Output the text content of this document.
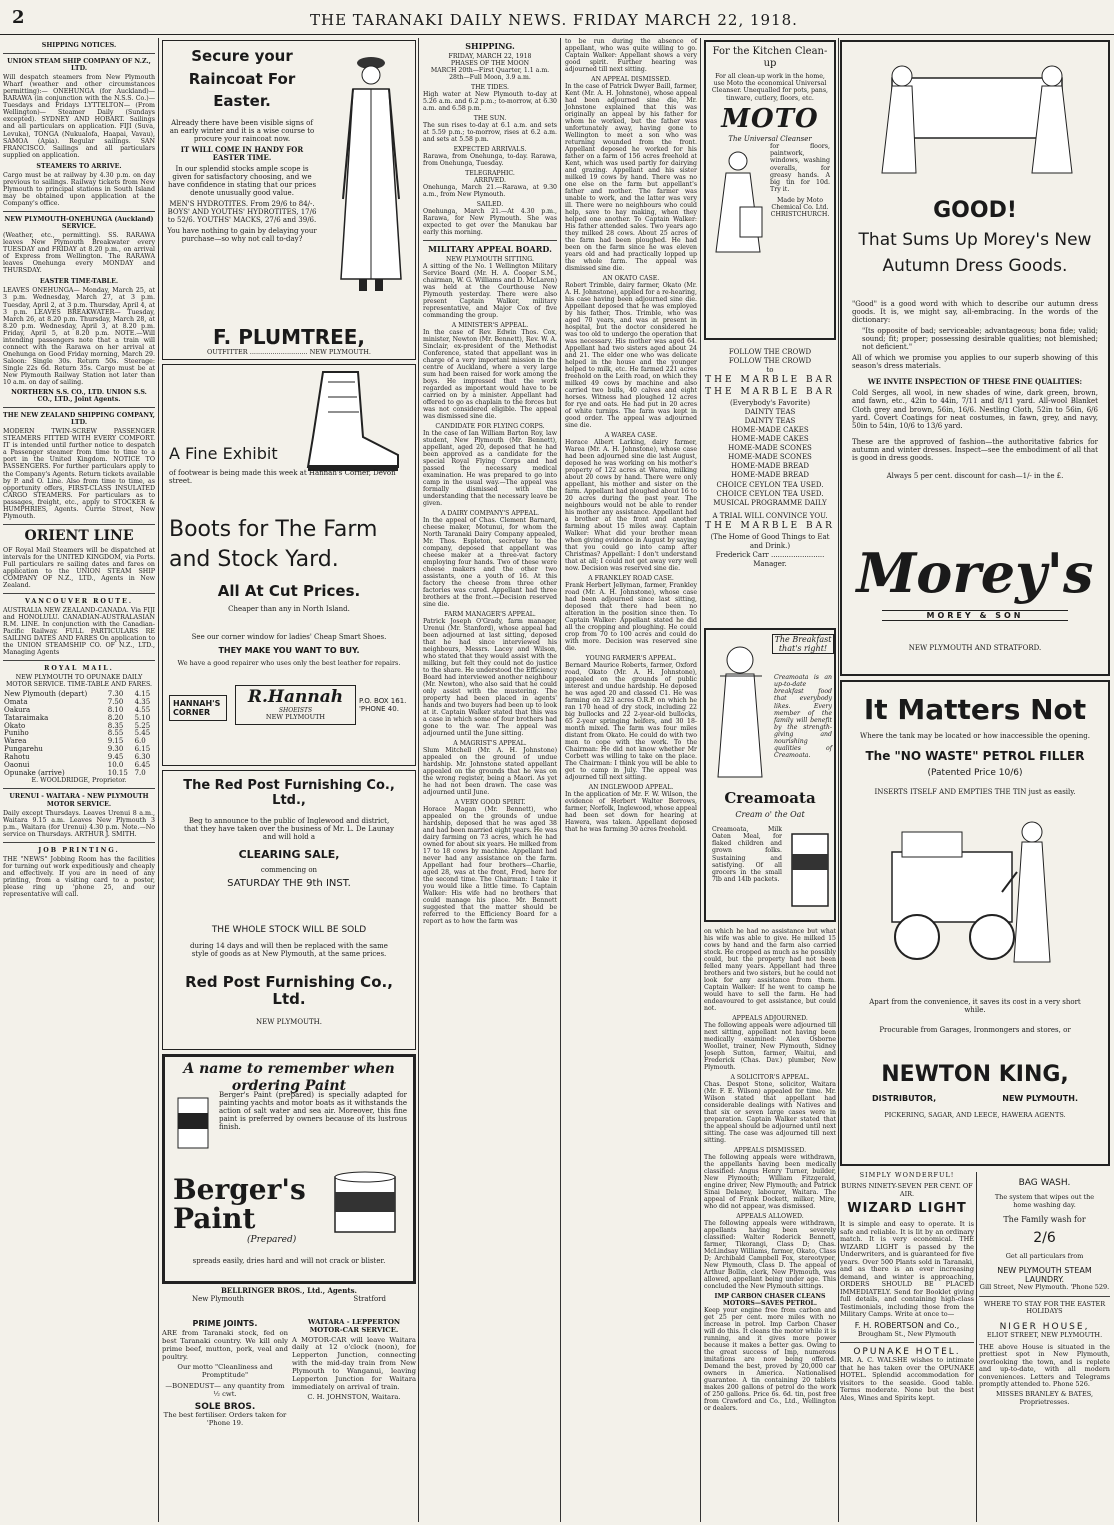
2	THE TARANAKI DAILY NEWS. FRIDAY MARCH 22, 1918.
SHIPPING NOTICES.
UNION STEAM SHIP COMPANY OF N.Z., LTD.

Will despatch steamers from New Plymouth Wharf (weather and other circumstances permitting):— ONEHUNGA (for Auckland)— RARAWA (in conjunction with the N.S.S. Co.)—Tuesdays and Fridays LYTTELTON— (From Wellington)— Steamer Daily (Sundays excepted). SYDNEY AND HOBART. Sailings and all particulars on application. FIJI (Suva, Levuka), TONGA (Nukualofa, Haapai, Vavau), SAMOA (Apia). Regular sailings. SAN FRANCISCO. Sailings and all particulars supplied on application.

STEAMERS TO ARRIVE.

Cargo must be at railway by 4.30 p.m. on day previous to sailings. Railway tickets from New Plymouth to principal stations in South Island may be obtained upon application at the Company's office.

NEW PLYMOUTH-ONEHUNGA (Auckland) SERVICE.

(Weather, etc., permitting). SS. RARAWA leaves New Plymouth Breakwater every TUESDAY and FRIDAY at 8.20 p.m., on arrival of Express from Wellington. The RARAWA leaves Onehunga every MONDAY and THURSDAY.

EASTER TIME-TABLE.

LEAVES ONEHUNGA— Monday, March 25, at 3 p.m. Wednesday, March 27, at 3 p.m. Tuesday, April 2, at 3 p.m. Thursday, April 4, at 3 p.m. LEAVES BREAKWATER— Tuesday, March 26, at 8.20 p.m. Thursday, March 28, at 8.20 p.m. Wednesday, April 3, at 8.20 p.m. Friday, April 5, at 8.20 p.m. NOTE.—Will intending passengers note that a train will connect with the Rarawa on her arrival at Onehunga on Good Friday morning, March 29. Saloon: Single 30s. Return 50s. Steerage: Single 22s 6d. Return 35s. Cargo must be at New Plymouth Railway Station not later than 10 a.m. on day of sailing.

NORTHERN S.S. CO., LTD. UNION S.S. CO., LTD., Joint Agents.

THE NEW ZEALAND SHIPPING COMPANY, LTD.

MODERN TWIN-SCREW PASSENGER STEAMERS FITTED WITH EVERY COMFORT. IT is intended until further notice to despatch a Passenger steamer from time to time to a port in the United Kingdom. NOTICE TO PASSENGERS. For further particulars apply to the Company's Agents. Return tickets available by P. and O. Line. Also from time to time, as opportunity offers, FIRST-CLASS INSULATED CARGO STEAMERS. For particulars as to passages, freight, etc., apply to STOCKER & HUMPHRIES, Agents. Currie Street, New Plymouth.

ORIENT LINE

OF Royal Mail Steamers will be dispatched at intervals for the UNITED KINGDOM, via Ports. Full particulars re sailing dates and fares on application to the UNION STEAM SHIP COMPANY OF N.Z., LTD., Agents in New Zealand.

VANCOUVER ROUTE.

AUSTRALIA NEW ZEALAND-CANADA. Via FIJI and HONOLULU. CANADIAN-AUSTRALASIAN R.M. LINE. In conjunction with the Canadian-Pacific Railway. FULL PARTICULARS RE SAILING DATES AND FARES On application to the UNION STEAMSHIP CO. OF N.Z., LTD., Managing Agents

ROYAL MAIL.

NEW PLYMOUTH TO OPUNAKE DAILY MOTOR SERVICE. TIME-TABLE AND FARES.

New Plymouth (depart)	7.30	4.15
Omata	7.50	4.35
Oakura	8.10	4.55
Tataraimaka	8.20	5.10
Okato	8.35	5.25
Puniho	8.55	5.45
Warea	9.15	6.0
Pungarehu	9.30	6.15
Rahotu	9.45	6.30
Oaonui	10.0	6.45
Opunake (arrive)	10.15	7.0

E. WOOLDRIDGE, Proprietor.

URENUI - WAITARA - NEW PLYMOUTH MOTOR SERVICE.

Daily except Thursdays. Leaves Urenui 8 a.m., Waitara 9.15 a.m. Leaves New Plymouth 3 p.m., Waitara (for Urenui) 4.30 p.m. Note.—No service on Thursdays. ARTHUR J. SMITH.

JOB PRINTING.

THE "NEWS" Jobbing Room has the facilities for turning out work expeditiously and cheaply and effectively. If you are in need of any printing, from a visiting card to a poster, please ring up 'phone 25, and our representative will call.

Secure your Raincoat For Easter.

Already there have been visible signs of an early winter and it is a wise course to procure your raincoat now.

IT WILL COME IN HANDY FOR EASTER TIME.

In our splendid stocks ample scope is given for satisfactory choosing, and we have confidence in stating that our prices denote unusually good value.

MEN'S HYDROTITES. From 29/6 to 84/-. BOYS' AND YOUTHS' HYDROTITES, 17/6 to 52/6. YOUTHS' MACKS, 27/6 and 39/6.

You have nothing to gain by delaying your purchase—so why not call to-day?

F. PLUMTREE,
OUTFITTER ............................ NEW PLYMOUTH.
A Fine Exhibit
of footwear is being made this week at Hannah's Corner, Devon street.
Boots for The Farm and Stock Yard.
All At Cut Prices.
Cheaper than any in North Island.
See our corner window for ladies' Cheap Smart Shoes.
THEY MAKE YOU WANT TO BUY.
We have a good repairer who uses only the best leather for repairs.
HANNAH'S CORNER
R.Hannah
SHOEISTS
NEW PLYMOUTH
P.O. BOX 161. 'PHONE 40.
The Red Post Furnishing Co., Ltd.,

Beg to announce to the public of Inglewood and district, that they have taken over the business of Mr. L. De Launay and will hold a

CLEARING SALE,
commencing on
SATURDAY THE 9th INST.
THE WHOLE STOCK WILL BE SOLD

during 14 days and will then be replaced with the same style of goods as at New Plymouth, at the same prices.

Red Post Furnishing Co., Ltd.
NEW PLYMOUTH.
A name to remember when ordering Paint

Berger's Paint (prepared) is specially adapted for painting yachts and motor boats as it withstands the action of salt water and sea air. Moreover, this fine paint is preferred by owners because of its lustrous finish.

Berger's Paint
(Prepared)

spreads easily, dries hard and will not crack or blister.

BELLRINGER BROS., Ltd., Agents.
New Plymouth	Stratford
PRIME JOINTS.

ARE from Taranaki stock, fed on best Taranaki country. We kill only prime beef, mutton, pork, veal and poultry.

Our motto "Cleanliness and Promptitude"

—BONEDUST— any quantity from ½ cwt.

SOLE BROS.

The best fertiliser. Orders taken for 'Phone 19.

WAITARA - LEPPERTON MOTOR-CAR SERVICE.

A MOTOR-CAR will leave Waitara daily at 12 o'clock (noon), for Lepperton Junction, connecting with the mid-day train from New Plymouth to Wanganui, leaving Lepperton Junction for Waitara immediately on arrival of train.

C. H. JOHNSTON, Waitara.

SHIPPING.
FRIDAY, MARCH 22, 1918
PHASES OF THE MOON

MARCH 20th—First Quarter, 1.1 a.m. 28th—Full Moon, 3.9 a.m.

THE TIDES.

High water at New Plymouth to-day at 5.26 a.m. and 6.2 p.m.; to-morrow, at 6.30 a.m. and 6.58 p.m.

THE SUN.

The sun rises to-day at 6.1 a.m. and sets at 5.59 p.m.; to-morrow, rises at 6.2 a.m. and sets at 5.58 p.m.

EXPECTED ARRIVALS.

Rarawa, from Onehunga, to-day. Rarawa, from Onehunga, Tuesday.

TELEGRAPHIC.
ARRIVED.

Onehunga, March 21.—Rarawa, at 9.30 a.m., from New Plymouth.

SAILED.

Onehunga, March 21.—At 4.30 p.m., Rarawa, for New Plymouth. She was expected to get over the Manukau bar early this morning.

MILITARY APPEAL BOARD.
NEW PLYMOUTH SITTING.

A sitting of the No. 1 Wellington Military Service Board (Mr. H. A. Cooper S.M., chairman, W. G. Williams and D. McLaren) was held at the Courthouse New Plymouth yesterday. There were also present Captain Walker, military representative, and Major Cox of five commanding the group.

A MINISTER'S APPEAL.

In the case of Rev. Edwin Thos. Cox, minister, Newton (Mr. Bennett), Rev. W. A. Sinclair, ex-president of the Methodist Conference, stated that appellant was in charge of a very important mission in the centre of Auckland, where a very large sum had been raised for work among the boys. He impressed that the work regarded as important would have to be carried on by a minister. Appellant had offered to go as chaplain to the forces but was not considered eligible. The appeal was dismissed sine die.

CANDIDATE FOR FLYING CORPS.

In the case of Ian William Barton Roy, law student, New Plymouth (Mr. Bennett), appellant, aged 20, deposed that he had been approved as a candidate for the special Royal Flying Corps and had passed the necessary medical examination. He was prepared to go into camp in the usual way.—The appeal was formally dismissed with the understanding that the necessary leave be given.

A DAIRY COMPANY'S APPEAL.

In the appeal of Chas. Clement Barnard, cheese maker, Motunui, for whom the North Taranaki Dairy Company appealed, Mr. Thos. Espleton, secretary to the company, deposed that appellant was cheese maker at a three-vat factory employing four hands. Two of these were cheese makers and the other two assistants, one a youth of 16. At this factory the cheese from three other factories was cured. Appellant had three brothers at the front.—Decision reserved sine die.

FARM MANAGER'S APPEAL.

Patrick Joseph O'Grady, farm manager, Urenui (Mr. Stanford), whose appeal had been adjourned at last sitting, deposed that he had since interviewed his neighbours, Messrs. Lacey and Wilson, who stated that they would assist with the milking, but felt they could not do justice to the share. He understood the Efficiency Board had interviewed another neighbour (Mr. Newton), who also said that he could only assist with the mustering. The property had been placed in agents' hands and two buyers had been up to look at it. Captain Walker stated that this was a case in which some of four brothers had gone to the war. The appeal was adjourned until the June sitting.

A MAGRIST'S APPEAL.

Slum Mitchell (Mr. A. H. Johnstone) appealed on the ground of undue hardship. Mr. Johnstone stated appellant appealed on the grounds that he was on the wrong register, being a Maori. As yet he had not been drawn. The case was adjourned until June.

A VERY GOOD SPIRIT.

Horace Magan (Mr. Bennett), who appealed on the grounds of undue hardship, deposed that he was aged 38 and had been married eight years. He was dairy farming on 73 acres, which he had owned for about six years. He milked from 17 to 18 cows by machine. Appellant had never had any assistance on the farm. Appellant had four brothers—Charlie, aged 28, was at the front, Fred, here for the second time. The Chairman: I take it you would like a little time. To Captain Walker: His wife had no brothers that could manage his place. Mr. Bennett suggested that the matter should be referred to the Efficiency Board for a report as to how the farm was

to be run during the absence of appellant, who was quite willing to go. Captain Walker: Appellant shows a very good spirit. Further hearing was adjourned till next sitting.

AN APPEAL DISMISSED.

In the case of Patrick Dwyer Baill, farmer, Kent (Mr. A. H. Johnstone), whose appeal had been adjourned sine die, Mr. Johnstone explained that this was originally an appeal by his father for whom he worked, but the father was unfortunately away, having gone to Wellington to meet a son who was returning wounded from the front. Appellant deposed he worked for his father on a farm of 156 acres freehold at Kent, which was used partly for dairying and grazing. Appellant and his sister milked 19 cows by hand. There was no one else on the farm but appellant's father and mother. The farmer was unable to work, and the latter was very ill. There were no neighbours who could help, save to hay making, when they helped one another. To Captain Walker: His father attended sales. Two years ago they milked 28 cows. About 25 acres of the farm had been ploughed. He had been on the farm since he was eleven years old and had practically lopped up the whole farm. The appeal was dismissed sine die.

AN OKATO CASE.

Robert Trimble, dairy farmer, Okato (Mr. A. H. Johnstone), applied for a re-hearing, his case having been adjourned sine die. Appellant deposed that he was employed by his father, Thos. Trimble, who was aged 70 years, and was at present in hospital, but the doctor considered he was too old to undergo the operation that was necessary. His mother was aged 64. Appellant had two sisters aged about 24 and 21. The elder one who was delicate helped in the house and the younger helped to milk, etc. He farmed 221 acres freehold on the Leith road, on which they milked 49 cows by machine and also carried two bulls, 40 calves and eight horses. Witness had ploughed 12 acres for rye and oats. He had put in 20 acres of white turnips. The farm was kept in good order. The appeal was adjourned sine die.

A WAREA CASE.

Horace Albert Larking, dairy farmer, Warea (Mr. A. H. Johnstone), whose case had been adjourned sine die last August, deposed he was working on his mother's property of 122 acres at Warea, milking about 20 cows by hand. There were only appellant, his mother and sister on the farm. Appellant had ploughed about 16 to 20 acres during the past year. The neighbours would not be able to render his mother any assistance. Appellant had a brother at the front and another farming about 15 miles away. Captain Walker: What did your brother mean when giving evidence in August by saying that you could go into camp after Christmas? Appellant: I don't understand that at all; I could not get away very well now. Decision was reserved sine die.

A FRANKLEY ROAD CASE.

Frank Herbert Jellyman, farmer, Frankley road (Mr. A. H. Johnstone), whose case had been adjourned since last sitting, deposed that there had been no alteration in the position since then. To Captain Walker: Appellant stated he did all the cropping and ploughing. He could crop from 70 to 100 acres and could do with more. Decision was reserved sine die.

YOUNG FARMER'S APPEAL.

Bernard Maurice Roberts, farmer, Oxford road, Okato (Mr. A. H. Johnstone), appealed on the grounds of public interest and undue hardship. He deposed he was aged 20 and classed C1. He was farming on 323 acres O.R.P. on which he ran 170 head of dry stock, including 22 big bullocks and 22 2-year-old bullocks, 65 2-year springing heifers, and 30 18-month mixed. The farm was four miles distant from Okato. He could do with two men to cope with the work. To the Chairman: He did not know whether Mr Corbett was willing to take on the place. The Chairman: I think you will be able to get to camp in July. The appeal was adjourned till next sitting.

AN INGLEWOOD APPEAL.

In the application of Mr. F. W. Wilson, the evidence of Herbert Walter Borrows, farmer, Norfolk, Inglewood, whose appeal had been set down for hearing at Hawera, was taken. Appellant deposed that he was farming 30 acres freehold.

For the Kitchen Clean-up

For all clean-up work in the home, use Moto the economical Universal Cleanser. Unequalled for pots, pans, tinware, cutlery, floors, etc.

MOTO
The Universal Cleanser

for floors, paintwork, windows, washing overalls, for greasy hands. A big tin for 10d. Try it.

Made by Moto Chemical Co. Ltd. CHRISTCHURCH.

FOLLOW THE CROWD
FOLLOW THE CROWD
to
THE MARBLE BAR
THE MARBLE BAR
(Everybody's Favorite)
DAINTY TEAS
DAINTY TEAS
HOME-MADE CAKES
HOME-MADE CAKES
HOME-MADE SCONES
HOME-MADE SCONES
HOME-MADE BREAD
HOME-MADE BREAD
CHOICE CEYLON TEA USED.
CHOICE CEYLON TEA USED.
MUSICAL PROGRAMME DAILY
A TRIAL WILL CONVINCE YOU.
THE MARBLE BAR
(The Home of Good Things to Eat and Drink.)
Frederick Carr ........................ Manager.
The Breakfast that's right!

Creamoata is an up-to-date breakfast food that everybody likes. Every member of the family will benefit by the strength-giving and nourishing qualities of Creamoata.

Creamoata
Cream o' the Oat

Creamoata, Milk Oaten Meal, for flaked children and grown folks. Sustaining and satisfying. Of all grocers in the small 7lb and 14lb packets.

on which he had no assistance but what his wife was able to give. He milked 15 cows by hand and the farm also carried stock. He cropped as much as he possibly could, but the property had not been felled many years. Appellant had three brothers and two sisters, but he could not look for any assistance from them. Captain Walker: If he went to camp he would have to sell the farm. He had endeavoured to get assistance, but could not.

APPEALS ADJOURNED.

The following appeals were adjourned till next sitting, appellant not having been medically examined: Alex Osborne Woollet, trainer, New Plymouth, Sidney Joseph Sutton, farmer, Waitui, and Frederick (Chas. Dav.) plumber, New Plymouth.

A SOLICITOR'S APPEAL.

Chas. Despot Stone, solicitor, Waitara (Mr. F. E. Wilson) appealed for time. Mr. Wilson stated that appellant had considerable dealings with Natives and that six or seven large cases were in preparation. Captain Walker stated that the appeal should be adjourned until next sitting. The case was adjourned till next sitting.

APPEALS DISMISSED.

The following appeals were withdrawn, the appellants having been medically classified: Angus Henry Turner, builder, New Plymouth; William Fitzgerald, engine driver, New Plymouth; and Patrick Sinai Delaney, labourer, Waitara. The appeal of Frank Dockett, milker, Mire, who did not appear, was dismissed.

APPEALS ALLOWED.

The following appeals were withdrawn, appellants having been severely classified: Walter Roderick Bennett, farmer, Tikorangi, Class D; Chas. McLindsay Williams, farmer, Okato, Class D; Archibald Campbell Fox, stereotyper, New Plymouth, Class D. The appeal of Arthur Bollin, clerk, New Plymouth, was allowed, appellant being under age. This concluded the New Plymouth sittings.

IMP CARBON CHASER CLEANS MOTORS—SAVES PETROL.

Keep your engine free from carbon and get 25 per cent. more miles with no increase in petrol. Imp Carbon Chaser will do this. It cleans the motor while it is running, and it gives more power because it makes a better gas. Owing to the great success of Imp, numerous imitations are now being offered. Demand the best, proved by 20,000 car owners in America. Nationalised guarantee. A tin containing 20 tablets makes 200 gallons of petrol do the work of 250 gallons. Price 6s. 6d. tin, post free from Crawford and Co., Ltd., Wellington or dealers.

GOOD!
That Sums Up Morey's New Autumn Dress Goods.

"Good" is a good word with which to describe our autumn dress goods. It is, we might say, all-embracing. In the words of the dictionary:

"Its opposite of bad; serviceable; advantageous; bona fide; valid; sound; fit; proper; possessing desirable qualities; not blemished; not deficient."

All of which we promise you applies to our superb showing of this season's dress materials.

WE INVITE INSPECTION OF THESE FINE QUALITIES:

Cold Serges, all wool, in new shades of wine, dark green, brown, and fawn, etc., 42in to 44in, 7/11 and 8/11 yard. All-wool Blanket Cloth grey and brown, 56in, 16/6. Nestling Cloth, 52in to 56in, 6/6 yard. Covert Coatings for neat costumes, in fawn, grey, and navy, 50in to 54in, 10/6 to 13/6 yard.

These are the approved of fashion—the authoritative fabrics for autumn and winter dresses. Inspect—see the embodiment of all that is good in dress goods.

Always 5 per cent. discount for cash—1/- in the £.

Morey's
MOREY & SON
NEW PLYMOUTH AND STRATFORD.
It Matters Not
Where the tank may be located or how inaccessible the opening.
The "NO WASTE" PETROL FILLER
(Patented Price 10/6)
INSERTS ITSELF AND EMPTIES THE TIN just as easily.

Apart from the convenience, it saves its cost in a very short while.

Procurable from Garages, Ironmongers and stores, or

NEWTON KING,
DISTRIBUTOR,	NEW PLYMOUTH.
PICKERING, SAGAR, AND LEECE, HAWERA AGENTS.
SIMPLY WONDERFUL!
BURNS NINETY-SEVEN PER CENT. OF AIR.
WIZARD LIGHT

It is simple and easy to operate. It is safe and reliable. It is lit by an ordinary match. It is very economical. THE WIZARD LIGHT is passed by the Underwriters, and is guaranteed for five years. Over 500 Plants sold in Taranaki, and as there is an ever increasing demand, and winter is approaching, ORDERS SHOULD BE PLACED IMMEDIATELY. Send for Booklet giving full details, and containing high-class Testimonials, including those from the Military Camps. Write at once to—

F. H. ROBERTSON and Co.,
Brougham St., New Plymouth
OPUNAKE HOTEL.

MR. A. C. WALSHE wishes to intimate that he has taken over the OPUNAKE HOTEL. Splendid accommodation for visitors to the seaside. Good table. Terms moderate. None but the best Ales, Wines and Spirits kept.

BAG WASH.

The system that wipes out the home washing day.

The Family wash for
2/6
Get all particulars from
NEW PLYMOUTH STEAM LAUNDRY.
Gill Street, New Plymouth. 'Phone 529.
WHERE TO STAY FOR THE EASTER HOLIDAYS
NIGER HOUSE,
ELIOT STREET, NEW PLYMOUTH.

THE above House is situated in the prettiest spot in New Plymouth, overlooking the town, and is replete and up-to-date, with all modern conveniences. Letters and Telegrams promptly attended to. Phone 526.

MISSES BRANLEY & BATES, Proprietresses.
